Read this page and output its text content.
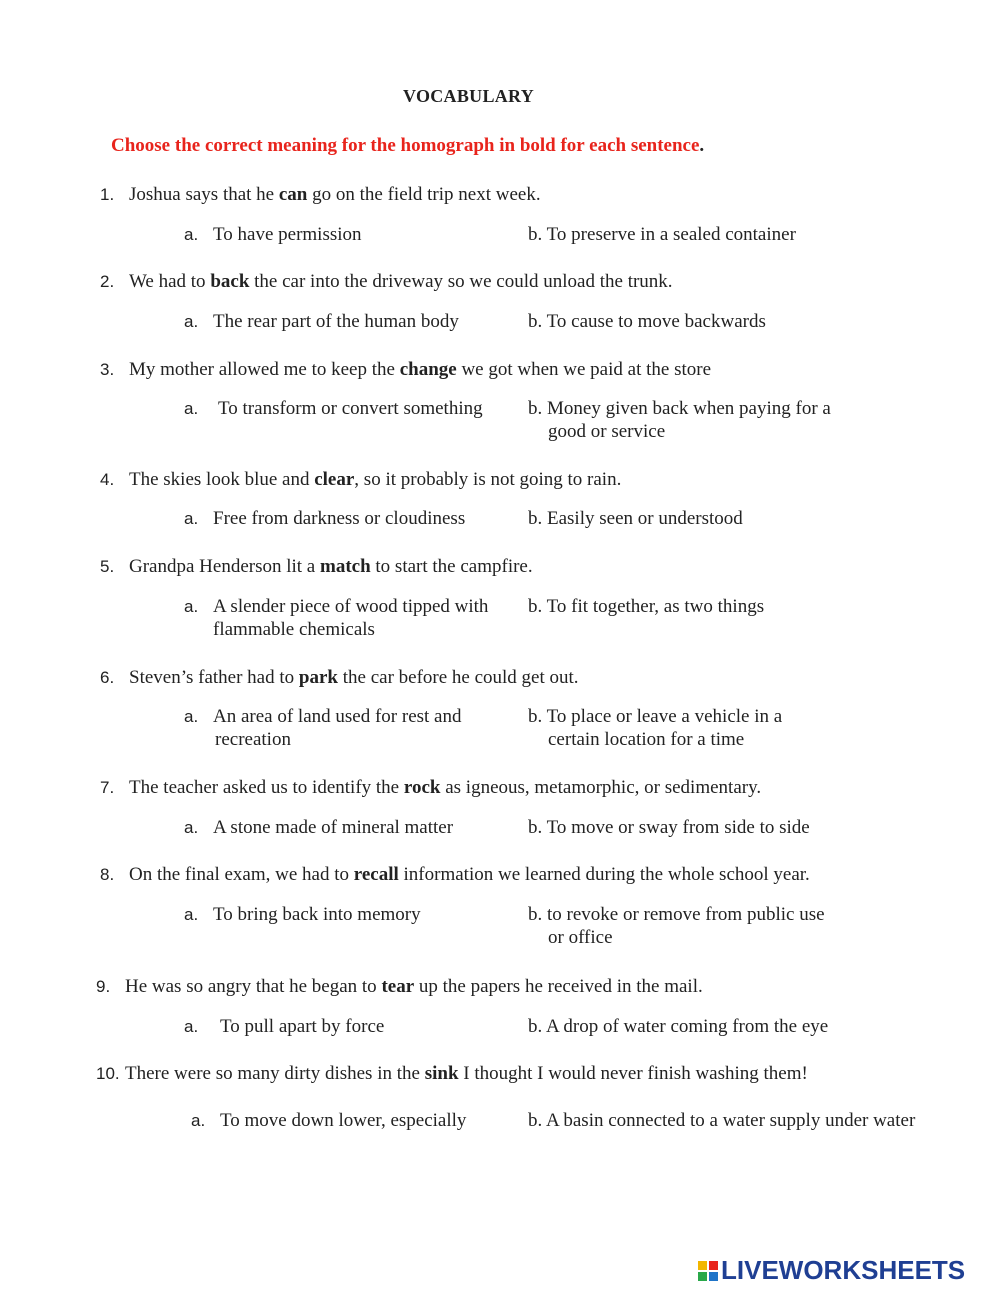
VOCABULARY
Choose the correct meaning for the homograph in bold for each sentence.
1. Joshua says that he can go on the field trip next week.
a. To have permission	b. To preserve in a sealed container
2. We had to back the car into the driveway so we could unload the trunk.
a. The rear part of the human body	b. To cause to move backwards
3. My mother allowed me to keep the change we got when we paid at the store
a. To transform or convert something b. Money given back when paying for a
good or service
4. The skies look blue and clear, so it probably is not going to rain.
a. Free from darkness or cloudiness	b. Easily seen or understood
5. Grandpa Henderson lit a match to start the campfire.
a. A slender piece of wood tipped with
flammable chemicals
b. To fit together, as two things
6. Steven’s father had to park the car before he could get out.
a. An area of land used for rest and
recreation
b. To place or leave a vehicle in a
certain location for a time
7. The teacher asked us to identify the rock as igneous, metamorphic, or sedimentary.
a. A stone made of mineral matter	b. To move or sway from side to side
8. On the final exam, we had to recall information we learned during the whole school year.
a. To bring back into memory	b. to revoke or remove from public use
or office
9. He was so angry that he began to tear up the papers he received in the mail.
a. To pull apart by force	b. A drop of water coming from the eye
10. There were so many dirty dishes in the sink I thought I would never finish washing them!
a. To move down lower, especially	b. A basin connected to a water supply under water
LIVEWORKSHEETS
